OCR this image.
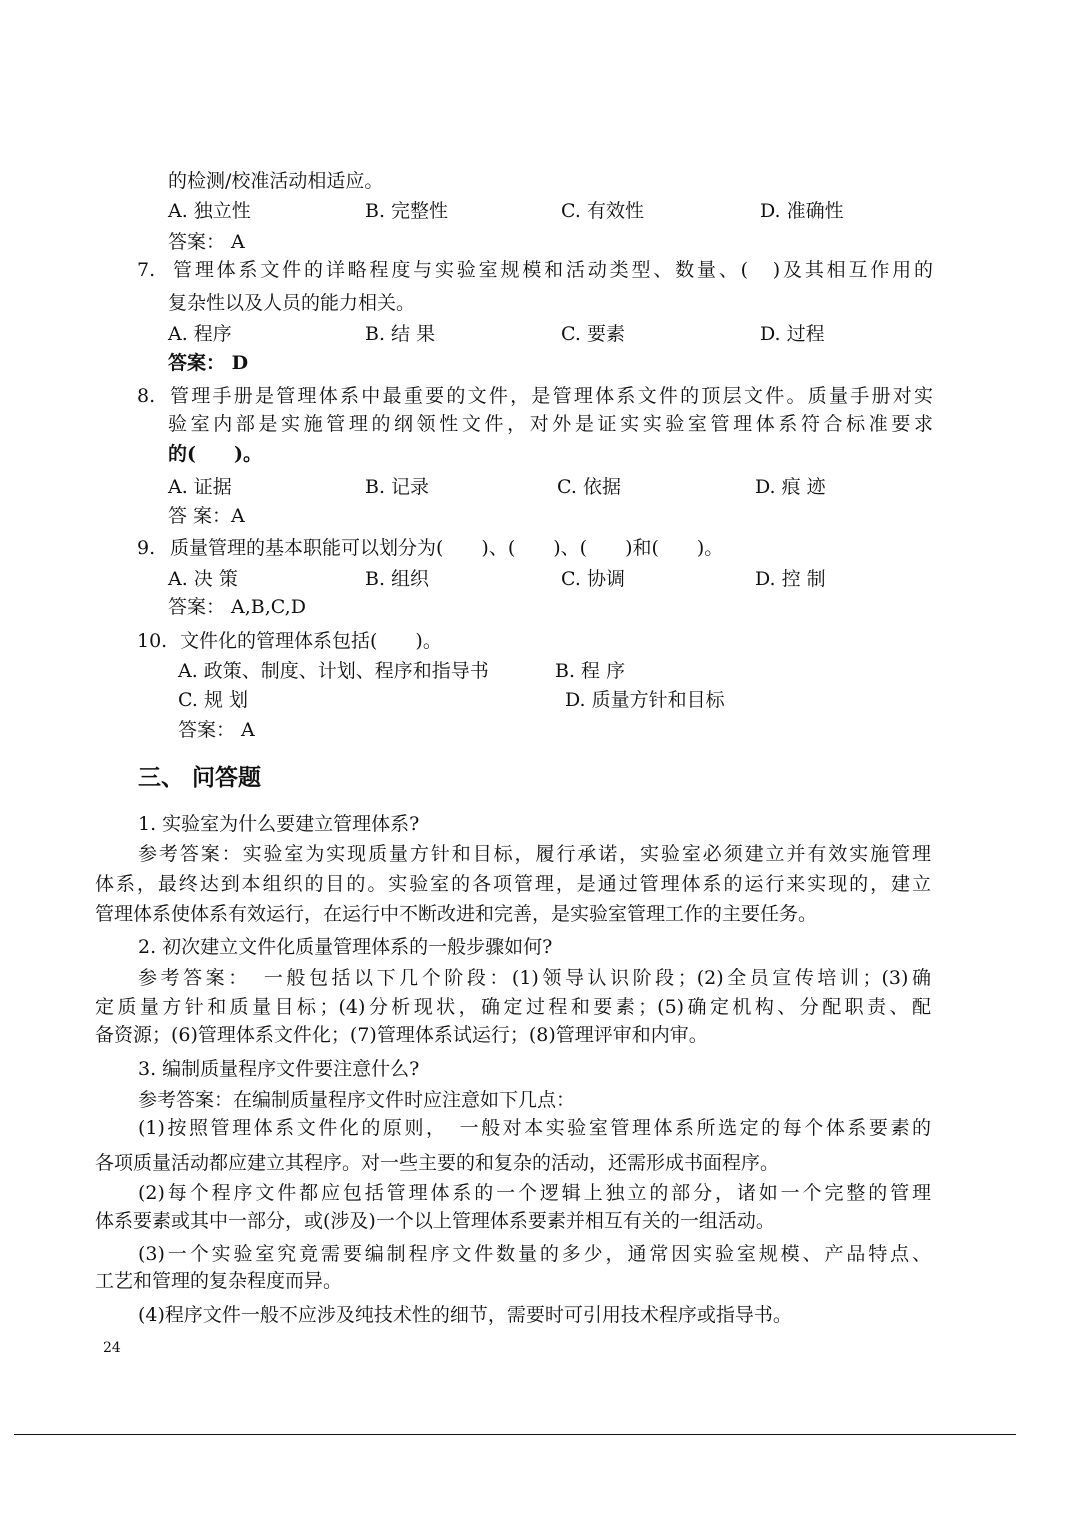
的检测/校准活动相适应。
A. 独立性	B. 完整性	C. 有效性	D. 准确性
答案： A
7. 管理体系文件的详略程度与实验室规模和活动类型、数量、(　)及其相互作用的
复杂性以及人员的能力相关。
A. 程序	B. 结 果	C. 要素	D. 过程
答案： D
8. 管理手册是管理体系中最重要的文件，是管理体系文件的顶层文件。质量手册对实
验室内部是实施管理的纲领性文件，对外是证实实验室管理体系符合标准要求
的(　　)。
A. 证据	B. 记录	C. 依据	D. 痕 迹
答 案：A
9. 质量管理的基本职能可以划分为(　　)、(　　)、(　　)和(　　)。
A. 决 策	B. 组织	C. 协调	D. 控 制
答案： A,B,C,D
10. 文件化的管理体系包括(　　)。
A. 政策、制度、计划、程序和指导书	B. 程 序
C. 规 划	D. 质量方针和目标
答案： A
三、 问答题
1. 实验室为什么要建立管理体系?
参考答案：实验室为实现质量方针和目标，履行承诺，实验室必须建立并有效实施管理
体系，最终达到本组织的目的。实验室的各项管理，是通过管理体系的运行来实现的，建立
管理体系使体系有效运行，在运行中不断改进和完善，是实验室管理工作的主要任务。
2. 初次建立文件化质量管理体系的一般步骤如何?
参考答案：　一般包括以下几个阶段：(1)领导认识阶段；(2)全员宣传培训；(3)确
定质量方针和质量目标；(4)分析现状，确定过程和要素；(5)确定机构、分配职责、配
备资源；(6)管理体系文件化；(7)管理体系试运行；(8)管理评审和内审。
3. 编制质量程序文件要注意什么?
参考答案：在编制质量程序文件时应注意如下几点：
(1)按照管理体系文件化的原则，　一般对本实验室管理体系所选定的每个体系要素的
各项质量活动都应建立其程序。对一些主要的和复杂的活动，还需形成书面程序。
(2)每个程序文件都应包括管理体系的一个逻辑上独立的部分，诸如一个完整的管理
体系要素或其中一部分，或(涉及)一个以上管理体系要素并相互有关的一组活动。
(3)一个实验室究竟需要编制程序文件数量的多少，通常因实验室规模、产品特点、
工艺和管理的复杂程度而异。
(4)程序文件一般不应涉及纯技术性的细节，需要时可引用技术程序或指导书。
24
